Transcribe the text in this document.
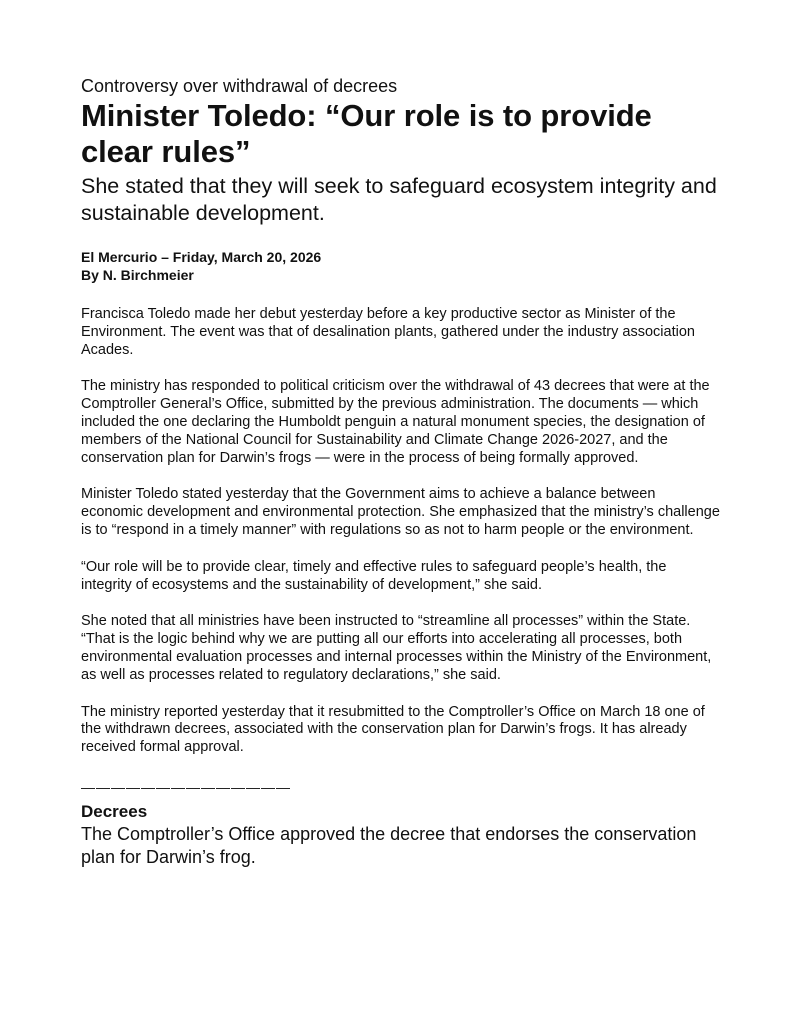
Controversy over withdrawal of decrees

Minister Toledo: “Our role is to provide clear rules”

She stated that they will seek to safeguard ecosystem integrity and sustainable development.

El Mercurio – Friday, March 20, 2026
By N. Birchmeier

Francisca Toledo made her debut yesterday before a key productive sector as Minister of the Environment. The event was that of desalination plants, gathered under the industry association Acades.

The ministry has responded to political criticism over the withdrawal of 43 decrees that were at the Comptroller General’s Office, submitted by the previous administration. The documents — which included the one declaring the Humboldt penguin a natural monument species, the designation of members of the National Council for Sustainability and Climate Change 2026-2027, and the conservation plan for Darwin’s frogs — were in the process of being formally approved.

Minister Toledo stated yesterday that the Government aims to achieve a balance between economic development and environmental protection. She emphasized that the ministry’s challenge is to “respond in a timely manner” with regulations so as not to harm people or the environment.

“Our role will be to provide clear, timely and effective rules to safeguard people’s health, the integrity of ecosystems and the sustainability of development,” she said.

She noted that all ministries have been instructed to “streamline all processes” within the State. “That is the logic behind why we are putting all our efforts into accelerating all processes, both environmental evaluation processes and internal processes within the Ministry of the Environment, as well as processes related to regulatory declarations,” she said.

The ministry reported yesterday that it resubmitted to the Comptroller’s Office on March 18 one of the withdrawn decrees, associated with the conservation plan for Darwin’s frogs. It has already received formal approval.

——————————————
Decrees
The Comptroller’s Office approved the decree that endorses the conservation plan for Darwin’s frog.
